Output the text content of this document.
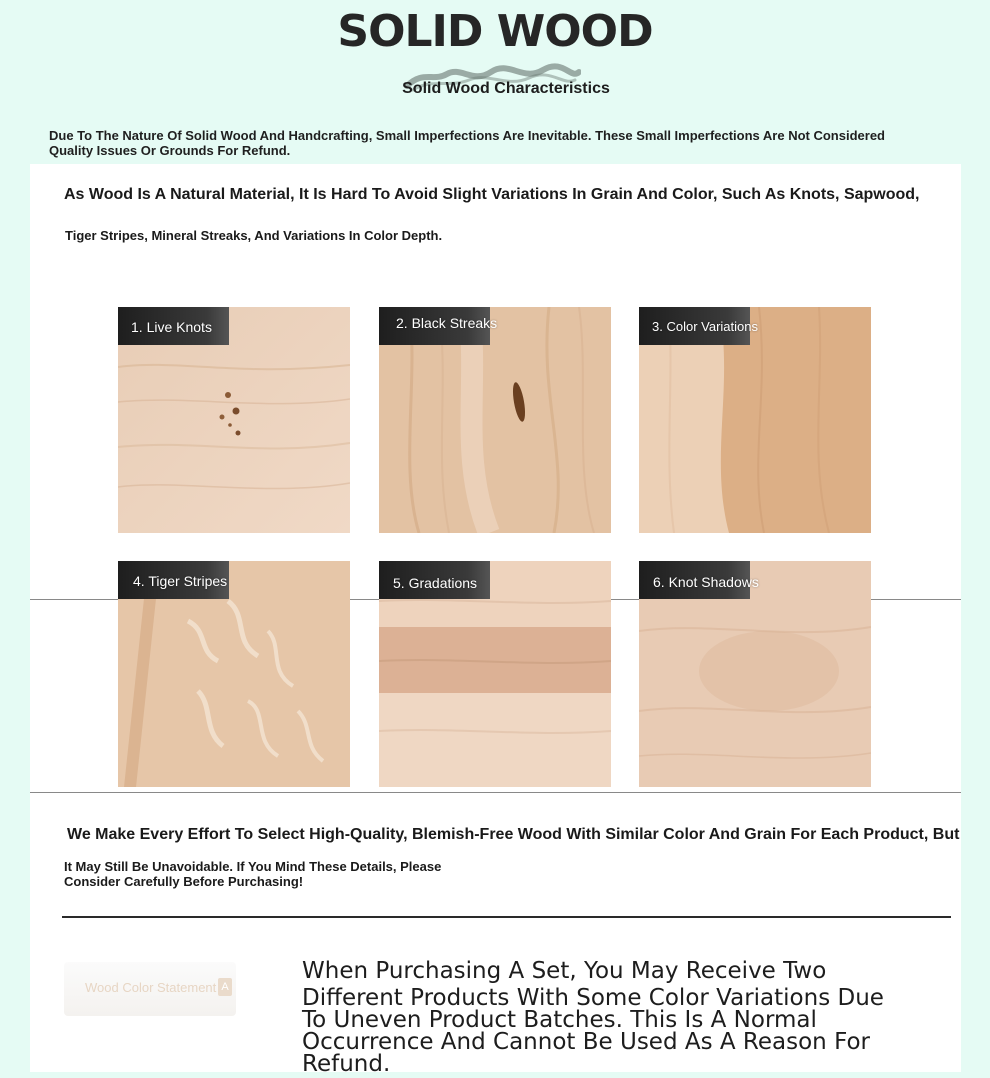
SOLID WOOD
Solid Wood Characteristics
Due To The Nature Of Solid Wood And Handcrafting, Small Imperfections Are Inevitable. These Small Imperfections Are Not Considered Quality Issues Or Grounds For Refund.
As Wood Is A Natural Material, It Is Hard To Avoid Slight Variations In Grain And Color, Such As Knots, Sapwood,
Tiger Stripes, Mineral Streaks, And Variations In Color Depth.
1. Live Knots	2. Black Streaks	3. Color Variations
4. Tiger Stripes	5. Gradations	6. Knot Shadows
We Make Every Effort To Select High-Quality, Blemish-Free Wood With Similar Color And Grain For Each Product, But
It May Still Be Unavoidable. If You Mind These Details, Please Consider Carefully Before Purchasing!
Wood Color Statement A
When Purchasing A Set, You May Receive Two
Different Products With Some Color Variations Due To Uneven Product Batches. This Is A Normal Occurrence And Cannot Be Used As A Reason For Refund.
